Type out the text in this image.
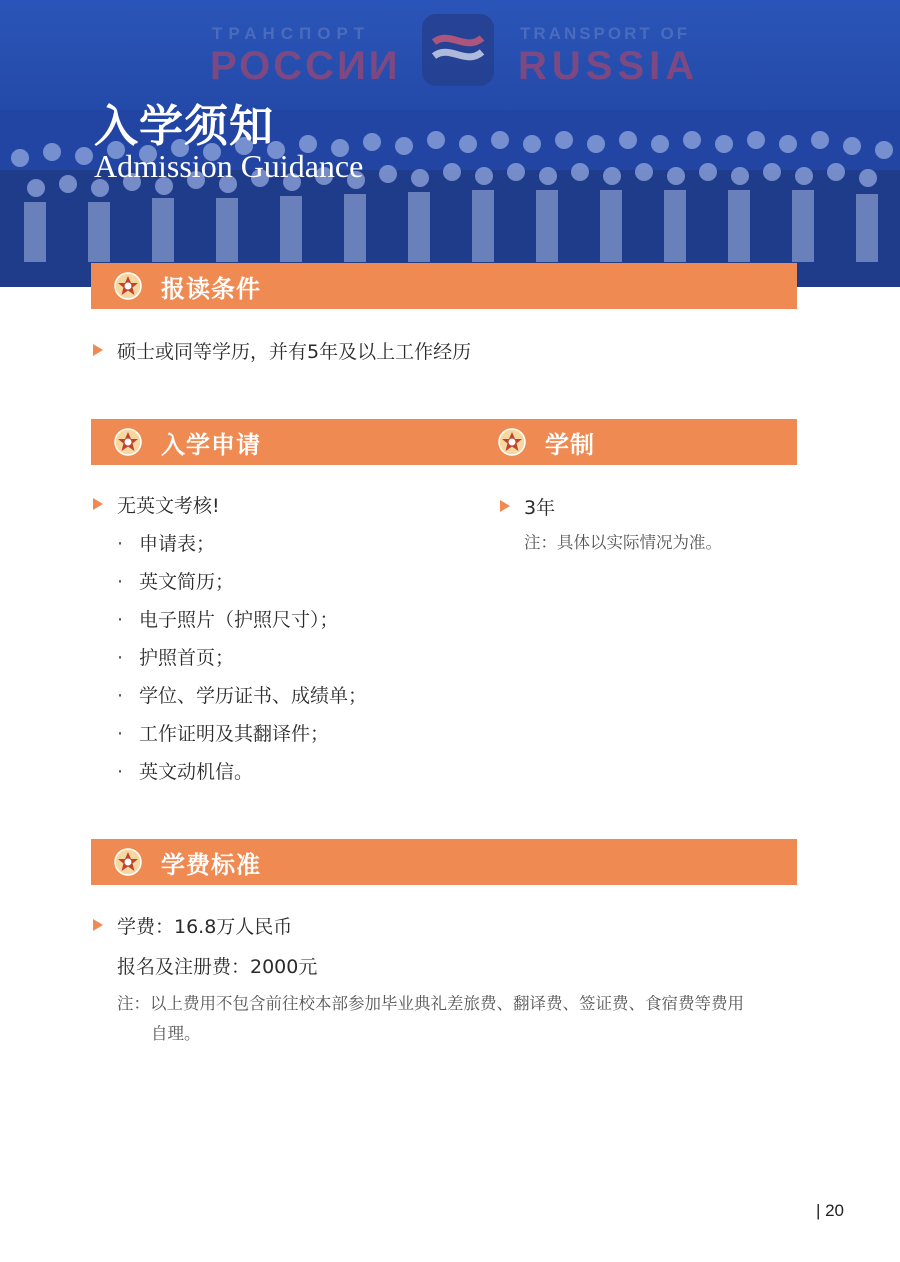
ТРАНСПОРТ
РОССИИ
TRANSPORT OF
RUSSIA
入学须知

Admission Guidance

报读条件
硕士或同等学历，并有5年及以上工作经历
入学申请	学制
无英文考核!
· 申请表；
· 英文简历；
· 电子照片（护照尺寸）；
· 护照首页；
· 学位、学历证书、成绩单；
· 工作证明及其翻译件；
· 英文动机信。
3年
注：具体以实际情况为准。
学费标准
学费：16.8万人民币
报名及注册费：2000元
注：以上费用不包含前往校本部参加毕业典礼差旅费、翻译费、签证费、食宿费等费用
自理。
| 20
